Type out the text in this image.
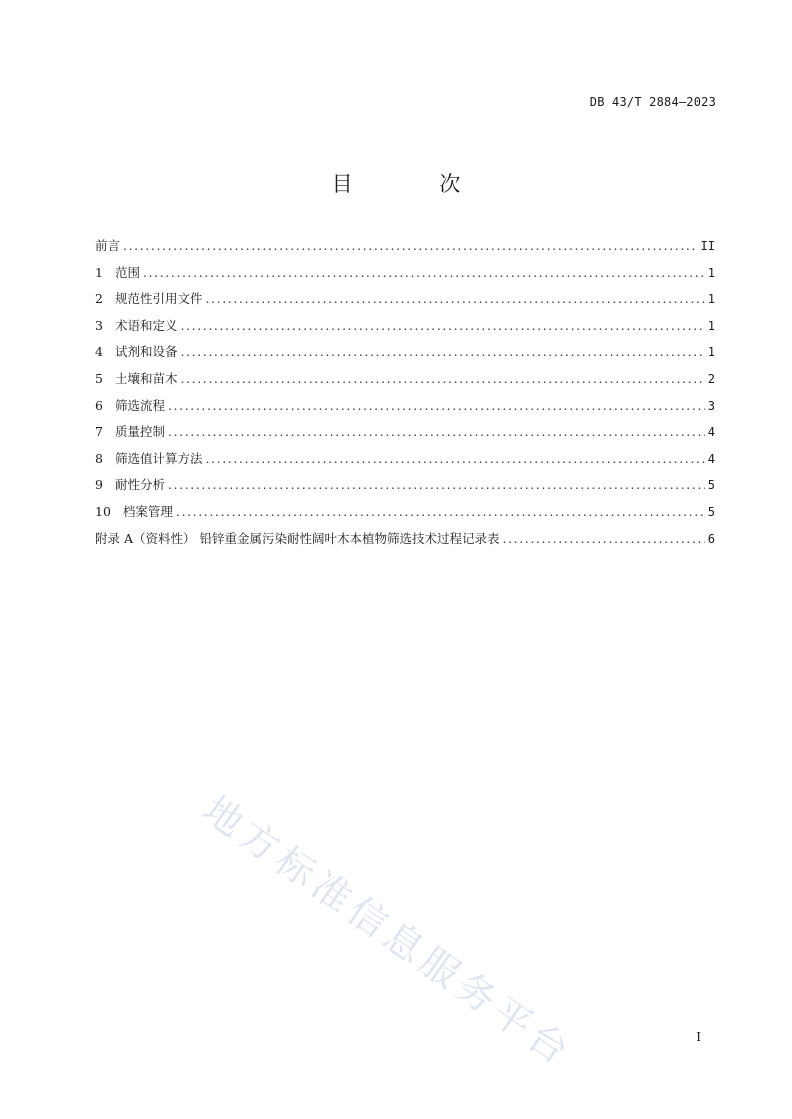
DB 43/T 2884—2023
目 次
前言 .....	II
1 范围 .....	1
2 规范性引用文件 .....	1
3 术语和定义 .....	1
4 试剂和设备 .....	1
5 土壤和苗木 .....	2
6 筛选流程 .....	3
7 质量控制 .....	4
8 筛选值计算方法 .....	4
9 耐性分析 .....	5
10 档案管理 .....	5
附录 A（资料性） 铅锌重金属污染耐性阔叶木本植物筛选技术过程记录表 .....	6
地方标准信息服务平台	I
